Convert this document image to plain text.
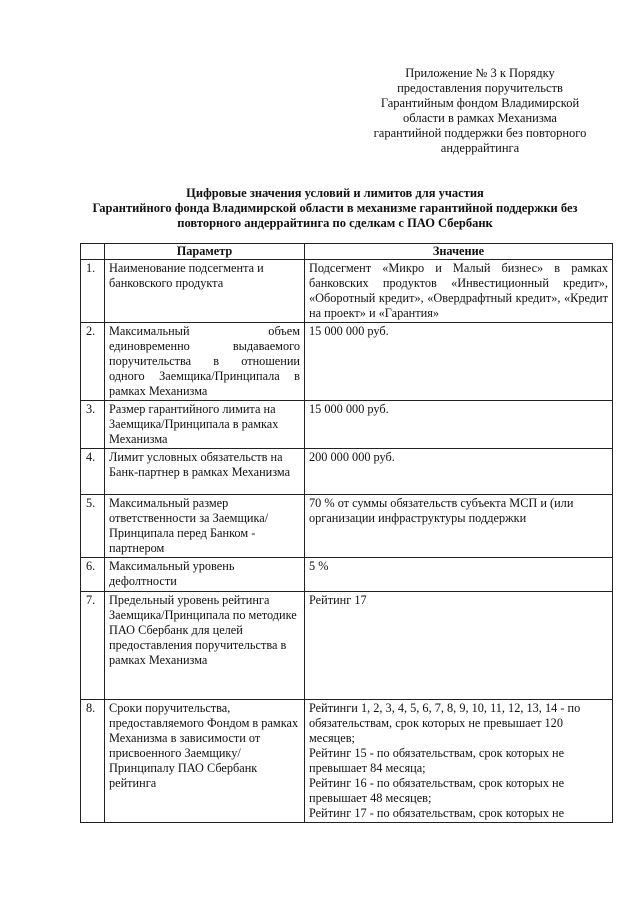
Приложение № 3 к Порядку
предоставления поручительств
Гарантийным фондом Владимирской
области в рамках Механизма
гарантийной поддержки без повторного
андеррайтинга
Цифровые значения условий и лимитов для участия
Гарантийного фонда Владимирской области в механизме гарантийной поддержки без
повторного андеррайтинга по сделкам с ПАО Сбербанк
	Параметр	Значение
1.	Наименование подсегмента и банковского продукта	Подсегмент «Микро и Малый бизнес» в рамках банковских продуктов «Инвестиционный кредит», «Оборотный кредит», «Овердрафтный кредит», «Кредит на проект» и «Гарантия»
2.	Максимальный объем единовременно выдаваемого поручительства в отношении одного Заемщика/Принципала в рамках Механизма	15 000 000 руб.
3.	Размер гарантийного лимита на Заемщика/Принципала в рамках Механизма	15 000 000 руб.
4.	Лимит условных обязательств на Банк-партнер в рамках Механизма	200 000 000 руб.
5.	Максимальный размер ответственности за Заемщика/Принципала перед Банком - партнером	70 % от суммы обязательств субъекта МСП и (или организации инфраструктуры поддержки
6.	Максимальный уровень дефолтности	5 %
7.	Предельный уровень рейтинга Заемщика/Принципала по методике ПАО Сбербанк для целей предоставления поручительства в рамках Механизма	Рейтинг 17
8.	Сроки поручительства, предоставляемого Фондом в рамках Механизма в зависимости от присвоенного Заемщику/Принципалу ПАО Сбербанк рейтинга	Рейтинги 1, 2, 3, 4, 5, 6, 7, 8, 9, 10, 11, 12, 13, 14 - по обязательствам, срок которых не превышает 120 месяцев;
Рейтинг 15 - по обязательствам, срок которых не превышает 84 месяца;
Рейтинг 16 - по обязательствам, срок которых не превышает 48 месяцев;
Рейтинг 17 - по обязательствам, срок которых не
